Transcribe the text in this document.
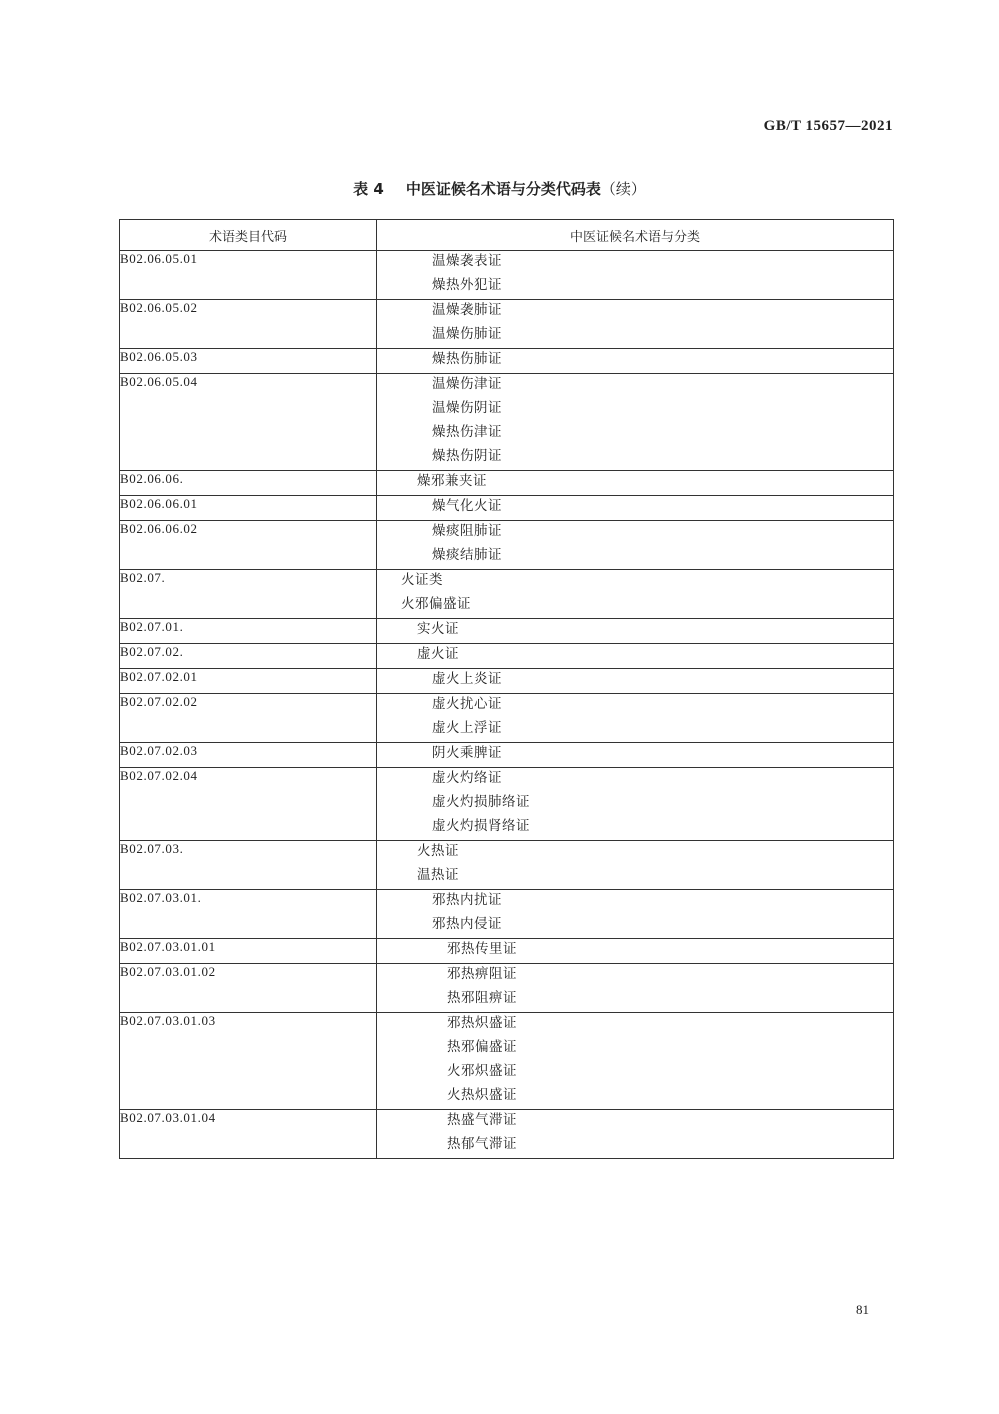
GB/T 15657—2021
表 4 中医证候名术语与分类代码表（续）
术语类目代码	中医证候名术语与分类
B02.06.05.01	温燥袭表证
燥热外犯证

B02.06.05.02	温燥袭肺证
温燥伤肺证

B02.06.05.03	燥热伤肺证

B02.06.05.04	温燥伤津证
温燥伤阴证
燥热伤津证
燥热伤阴证

B02.06.06.	燥邪兼夹证

B02.06.06.01	燥气化火证

B02.06.06.02	燥痰阻肺证
燥痰结肺证

B02.07.	火证类
火邪偏盛证

B02.07.01.	实火证

B02.07.02.	虚火证

B02.07.02.01	虚火上炎证

B02.07.02.02	虚火扰心证
虚火上浮证

B02.07.02.03	阴火乘脾证

B02.07.02.04	虚火灼络证
虚火灼损肺络证
虚火灼损肾络证

B02.07.03.	火热证
温热证

B02.07.03.01.	邪热内扰证
邪热内侵证

B02.07.03.01.01	邪热传里证

B02.07.03.01.02	邪热痹阻证
热邪阻痹证

B02.07.03.01.03	邪热炽盛证
热邪偏盛证
火邪炽盛证
火热炽盛证

B02.07.03.01.04	热盛气滞证
热郁气滞证
81
